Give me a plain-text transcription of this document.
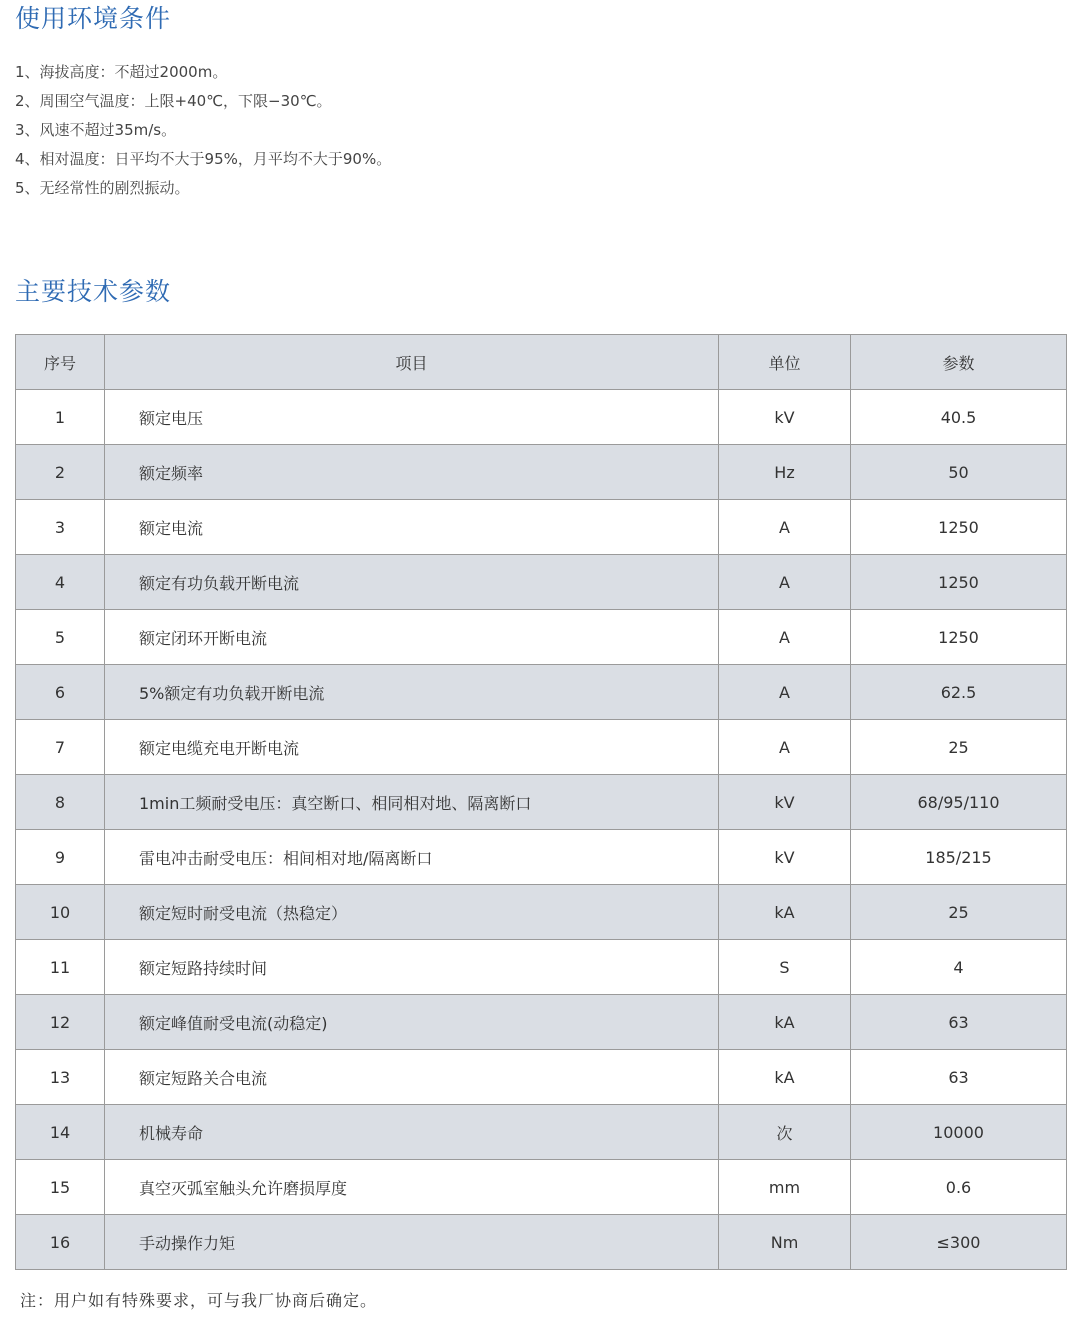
使用环境条件
1、海拔高度：不超过2000m。
2、周围空气温度：上限+40℃，下限−30℃。
3、风速不超过35m/s。
4、相对温度：日平均不大于95%，月平均不大于90%。
5、无经常性的剧烈振动。
主要技术参数
序号	项目	单位	参数
1	额定电压	kV	40.5
2	额定频率	Hz	50
3	额定电流	A	1250
4	额定有功负载开断电流	A	1250
5	额定闭环开断电流	A	1250
6	5%额定有功负载开断电流	A	62.5
7	额定电缆充电开断电流	A	25
8	1min工频耐受电压：真空断口、相同相对地、隔离断口	kV	68/95/110
9	雷电冲击耐受电压：相间相对地/隔离断口	kV	185/215
10	额定短时耐受电流（热稳定）	kA	25
11	额定短路持续时间	S	4
12	额定峰值耐受电流(动稳定)	kA	63
13	额定短路关合电流	kA	63
14	机械寿命	次	10000
15	真空灭弧室触头允许磨损厚度	mm	0.6
16	手动操作力矩	Nm	≤300
注：用户如有特殊要求，可与我厂协商后确定。
